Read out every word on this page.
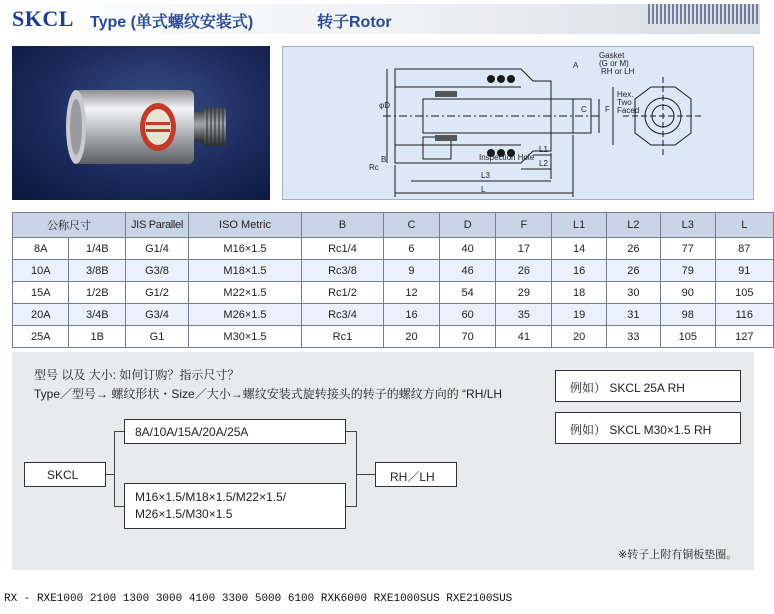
SKCL Type (单式螺纹安装式)	转子Rotor
Gasket
(G or M)
RH or LH
A
C F
φD
B
Rc
Inspection Hole
Hex. Two Faced
L1
L2
L3
L
公称尺寸		JIS Parallel	ISO Metric	B	C	D	F	L1	L2	L3	L
8A	1/4B	G1/4	M16×1.5	Rc1/4	6	40	17	14	26	77	87
10A	3/8B	G3/8	M18×1.5	Rc3/8	9	46	26	16	26	79	91
15A	1/2B	G1/2	M22×1.5	Rc1/2	12	54	29	18	30	90	105
20A	3/4B	G3/4	M26×1.5	Rc3/4	16	60	35	19	31	98	116
25A	1B	G1	M30×1.5	Rc1	20	70	41	20	33	105	127
型号 以及 大小: 如何订购？指示尺寸？
Type／型号→ 螺纹形状・Size／大小→螺纹安装式旋转接头的转子的螺纹方向的 “RH/LH	例如） SKCL 25A RH
例如） SKCL M30×1.5 RH
SKCL
8A/10A/15A/20A/25A
M16×1.5/M18×1.5/M22×1.5/
M26×1.5/M30×1.5
RH／LH
※转子上附有铜板垫圈。
RX - RXE1000 2100 1300 3000 4100 3300 5000 6100 RXK6000 RXE1000SUS RXE2100SUS
